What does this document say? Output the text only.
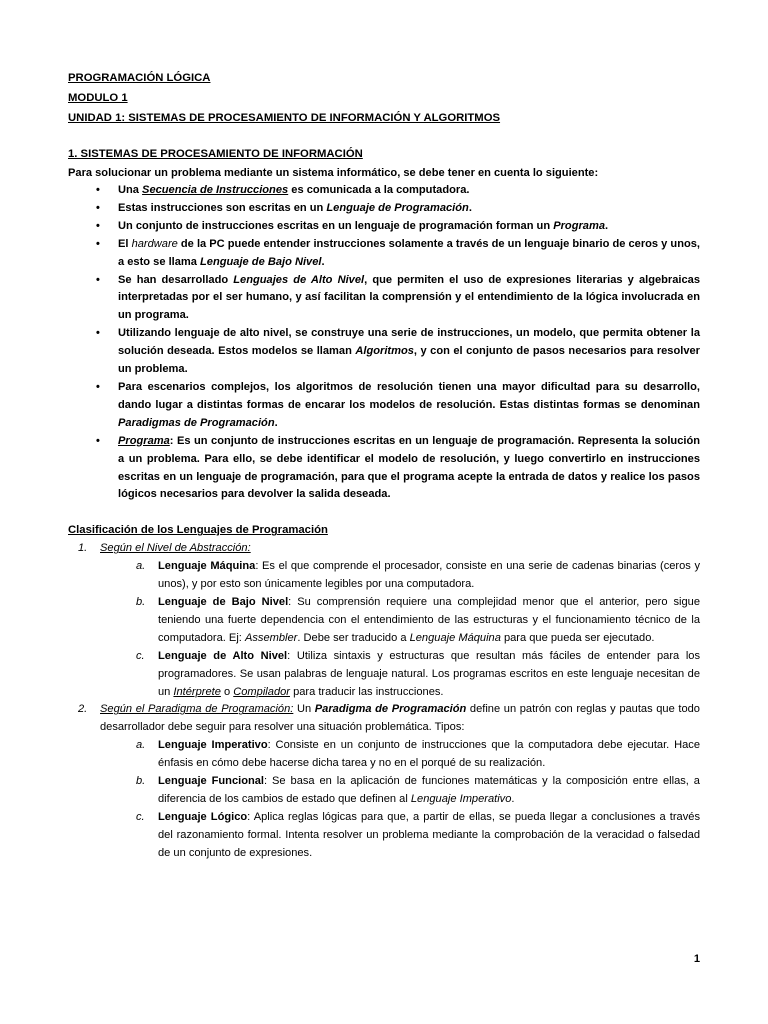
PROGRAMACIÓN LÓGICA
MODULO 1
UNIDAD 1: SISTEMAS DE PROCESAMIENTO DE INFORMACIÓN Y ALGORITMOS
1. SISTEMAS DE PROCESAMIENTO DE INFORMACIÓN
Para solucionar un problema mediante un sistema informático, se debe tener en cuenta lo siguiente:
• Una Secuencia de Instrucciones es comunicada a la computadora.
• Estas instrucciones son escritas en un Lenguaje de Programación.
• Un conjunto de instrucciones escritas en un lenguaje de programación forman un Programa.
• El hardware de la PC puede entender instrucciones solamente a través de un lenguaje binario de ceros y unos, a esto se llama Lenguaje de Bajo Nivel.
• Se han desarrollado Lenguajes de Alto Nivel, que permiten el uso de expresiones literarias y algebraicas interpretadas por el ser humano, y así facilitan la comprensión y el entendimiento de la lógica involucrada en un programa.
• Utilizando lenguaje de alto nivel, se construye una serie de instrucciones, un modelo, que permita obtener la solución deseada. Estos modelos se llaman Algoritmos, y con el conjunto de pasos necesarios para resolver un problema.
• Para escenarios complejos, los algoritmos de resolución tienen una mayor dificultad para su desarrollo, dando lugar a distintas formas de encarar los modelos de resolución. Estas distintas formas se denominan Paradigmas de Programación.
• Programa: Es un conjunto de instrucciones escritas en un lenguaje de programación. Representa la solución a un problema. Para ello, se debe identificar el modelo de resolución, y luego convertirlo en instrucciones escritas en un lenguaje de programación, para que el programa acepte la entrada de datos y realice los pasos lógicos necesarios para devolver la salida deseada.
Clasificación de los Lenguajes de Programación
1. Según el Nivel de Abstracción:
a. Lenguaje Máquina: Es el que comprende el procesador, consiste en una serie de cadenas binarias (ceros y unos), y por esto son únicamente legibles por una computadora.
b. Lenguaje de Bajo Nivel: Su comprensión requiere una complejidad menor que el anterior, pero sigue teniendo una fuerte dependencia con el entendimiento de las estructuras y el funcionamiento técnico de la computadora. Ej: Assembler. Debe ser traducido a Lenguaje Máquina para que pueda ser ejecutado.
c. Lenguaje de Alto Nivel: Utiliza sintaxis y estructuras que resultan más fáciles de entender para los programadores. Se usan palabras de lenguaje natural. Los programas escritos en este lenguaje necesitan de un Intérprete o Compilador para traducir las instrucciones.
2. Según el Paradigma de Programación: Un Paradigma de Programación define un patrón con reglas y pautas que todo desarrollador debe seguir para resolver una situación problemática. Tipos:
a. Lenguaje Imperativo: Consiste en un conjunto de instrucciones que la computadora debe ejecutar. Hace énfasis en cómo debe hacerse dicha tarea y no en el porqué de su realización.
b. Lenguaje Funcional: Se basa en la aplicación de funciones matemáticas y la composición entre ellas, a diferencia de los cambios de estado que definen al Lenguaje Imperativo.
c. Lenguaje Lógico: Aplica reglas lógicas para que, a partir de ellas, se pueda llegar a conclusiones a través del razonamiento formal. Intenta resolver un problema mediante la comprobación de la veracidad o falsedad de un conjunto de expresiones.
1
